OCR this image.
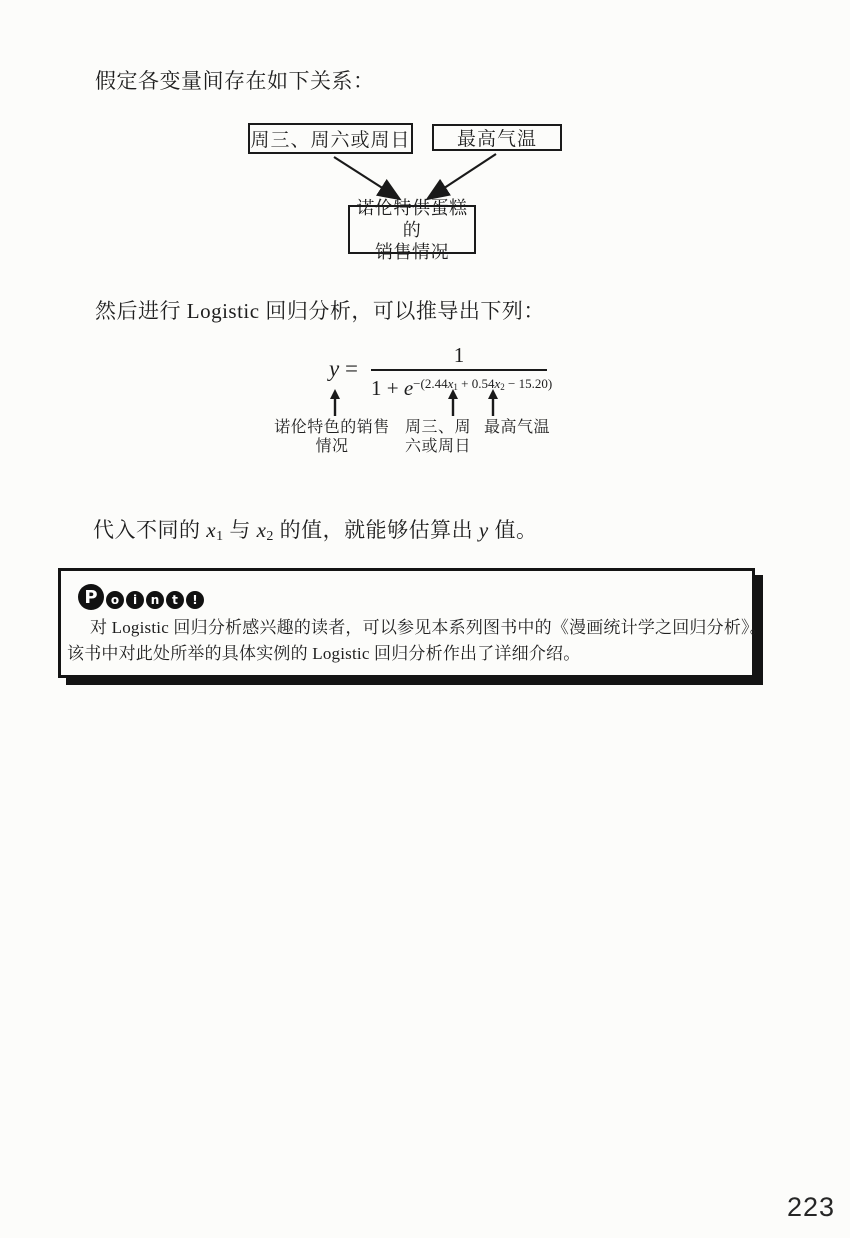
假定各变量间存在如下关系：
周三、周六或周日 最高气温
诺伦特供蛋糕的
销售情况
然后进行 Logistic 回归分析，可以推导出下列：
$y = \frac{1}{1 + e^{-(2.44x1 + 0.54x2 - 15.20)}}$
诺伦特色的销售
情况
周三、周
六或周日
最高气温
代入不同的 x1 与 x2 的值，就能够估算出 y 值。
P	o	i	n	t	!
对 Logistic 回归分析感兴趣的读者，可以参见本系列图书中的《漫画统计学之回归分析》。
该书中对此处所举的具体实例的 Logistic 回归分析作出了详细介绍。
223
